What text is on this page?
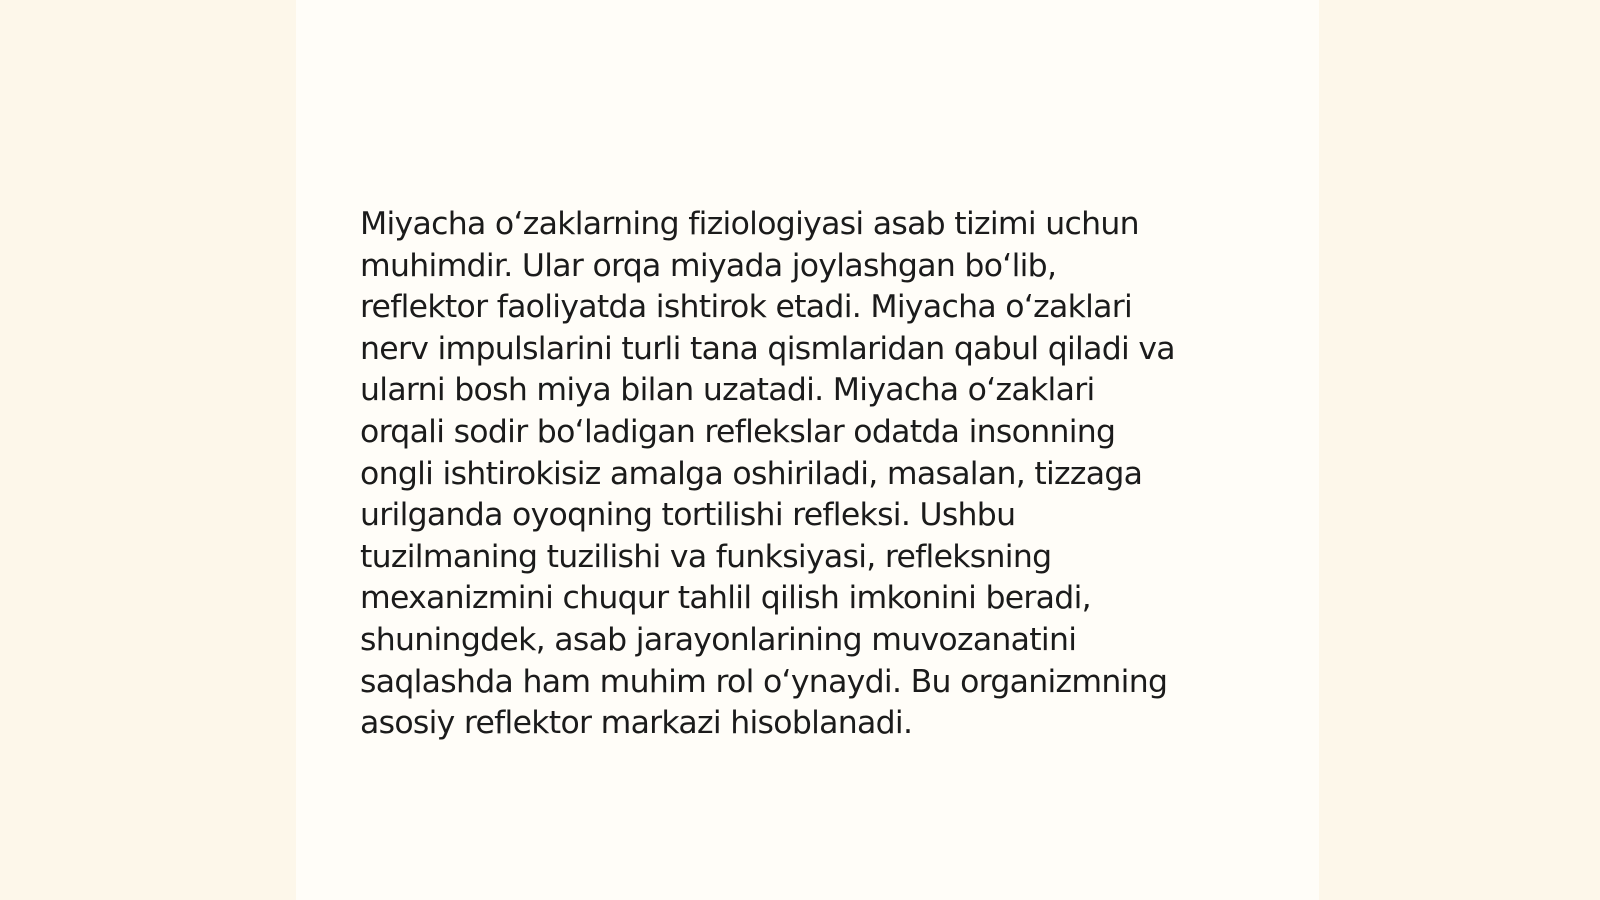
Miyacha oʻzaklarning fiziologiyasi asab tizimi uchun
muhimdir. Ular orqa miyada joylashgan boʻlib,
reflektor faoliyatda ishtirok etadi. Miyacha oʻzaklari
nerv impulslarini turli tana qismlaridan qabul qiladi va
ularni bosh miya bilan uzatadi. Miyacha oʻzaklari
orqali sodir boʻladigan reflekslar odatda insonning
ongli ishtirokisiz amalga oshiriladi, masalan, tizzaga
urilganda oyoqning tortilishi refleksi. Ushbu
tuzilmaning tuzilishi va funksiyasi, refleksning
mexanizmini chuqur tahlil qilish imkonini beradi,
shuningdek, asab jarayonlarining muvozanatini
saqlashda ham muhim rol oʻynaydi. Bu organizmning
asosiy reflektor markazi hisoblanadi.
